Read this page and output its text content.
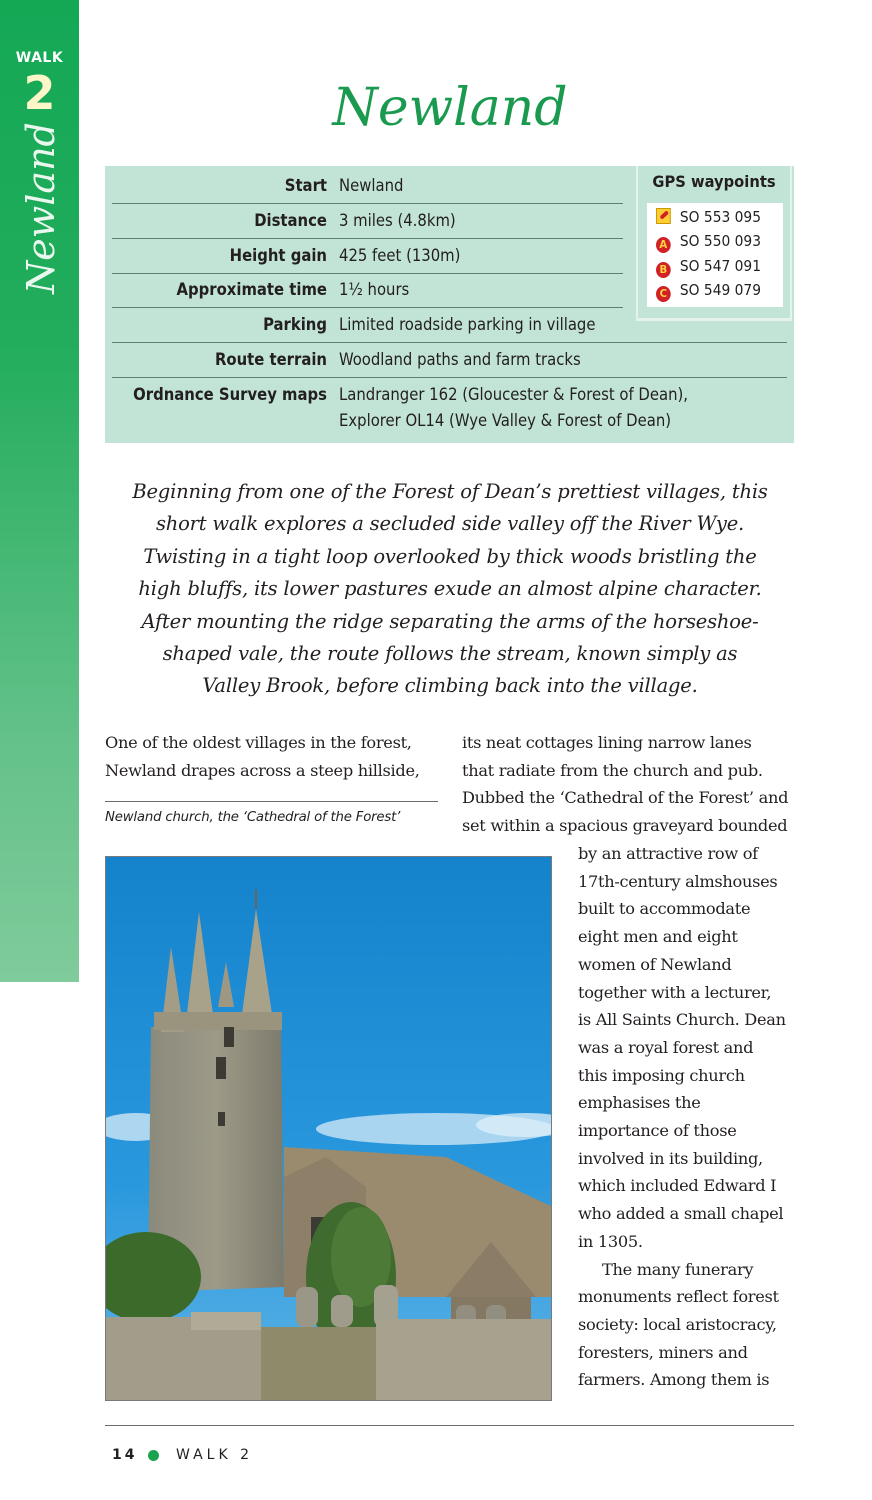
WALK
2
Newland
Newland
Start Newland
Distance 3 miles (4.8km)
Height gain 425 feet (130m)
Approximate time 1½ hours
Parking Limited roadside parking in village
Route terrain Woodland paths and farm tracks
Ordnance Survey maps Landranger 162 (Gloucester & Forest of Dean),
Explorer OL14 (Wye Valley & Forest of Dean)
GPS waypoints
SO 553 095
A SO 550 093
B SO 547 091
C SO 549 079
Beginning from one of the Forest of Dean’s prettiest villages, this
short walk explores a secluded side valley off the River Wye.
Twisting in a tight loop overlooked by thick woods bristling the
high bluffs, its lower pastures exude an almost alpine character.
After mounting the ridge separating the arms of the horseshoe-
shaped vale, the route follows the stream, known simply as
Valley Brook, before climbing back into the village.
One of the oldest villages in the forest,
Newland drapes across a steep hillside,
Newland church, the ‘Cathedral of the Forest’
its neat cottages lining narrow lanes
that radiate from the church and pub.
Dubbed the ‘Cathedral of the Forest’ and
set within a spacious graveyard bounded
by an attractive row of
17th-century almshouses
built to accommodate
eight men and eight
women of Newland
together with a lecturer,
is All Saints Church. Dean
was a royal forest and
this imposing church
emphasises the
importance of those
involved in its building,
which included Edward I
who added a small chapel
in 1305.
The many funerary
monuments reflect forest
society: local aristocracy,
foresters, miners and
farmers. Among them is
14	WALK 2
